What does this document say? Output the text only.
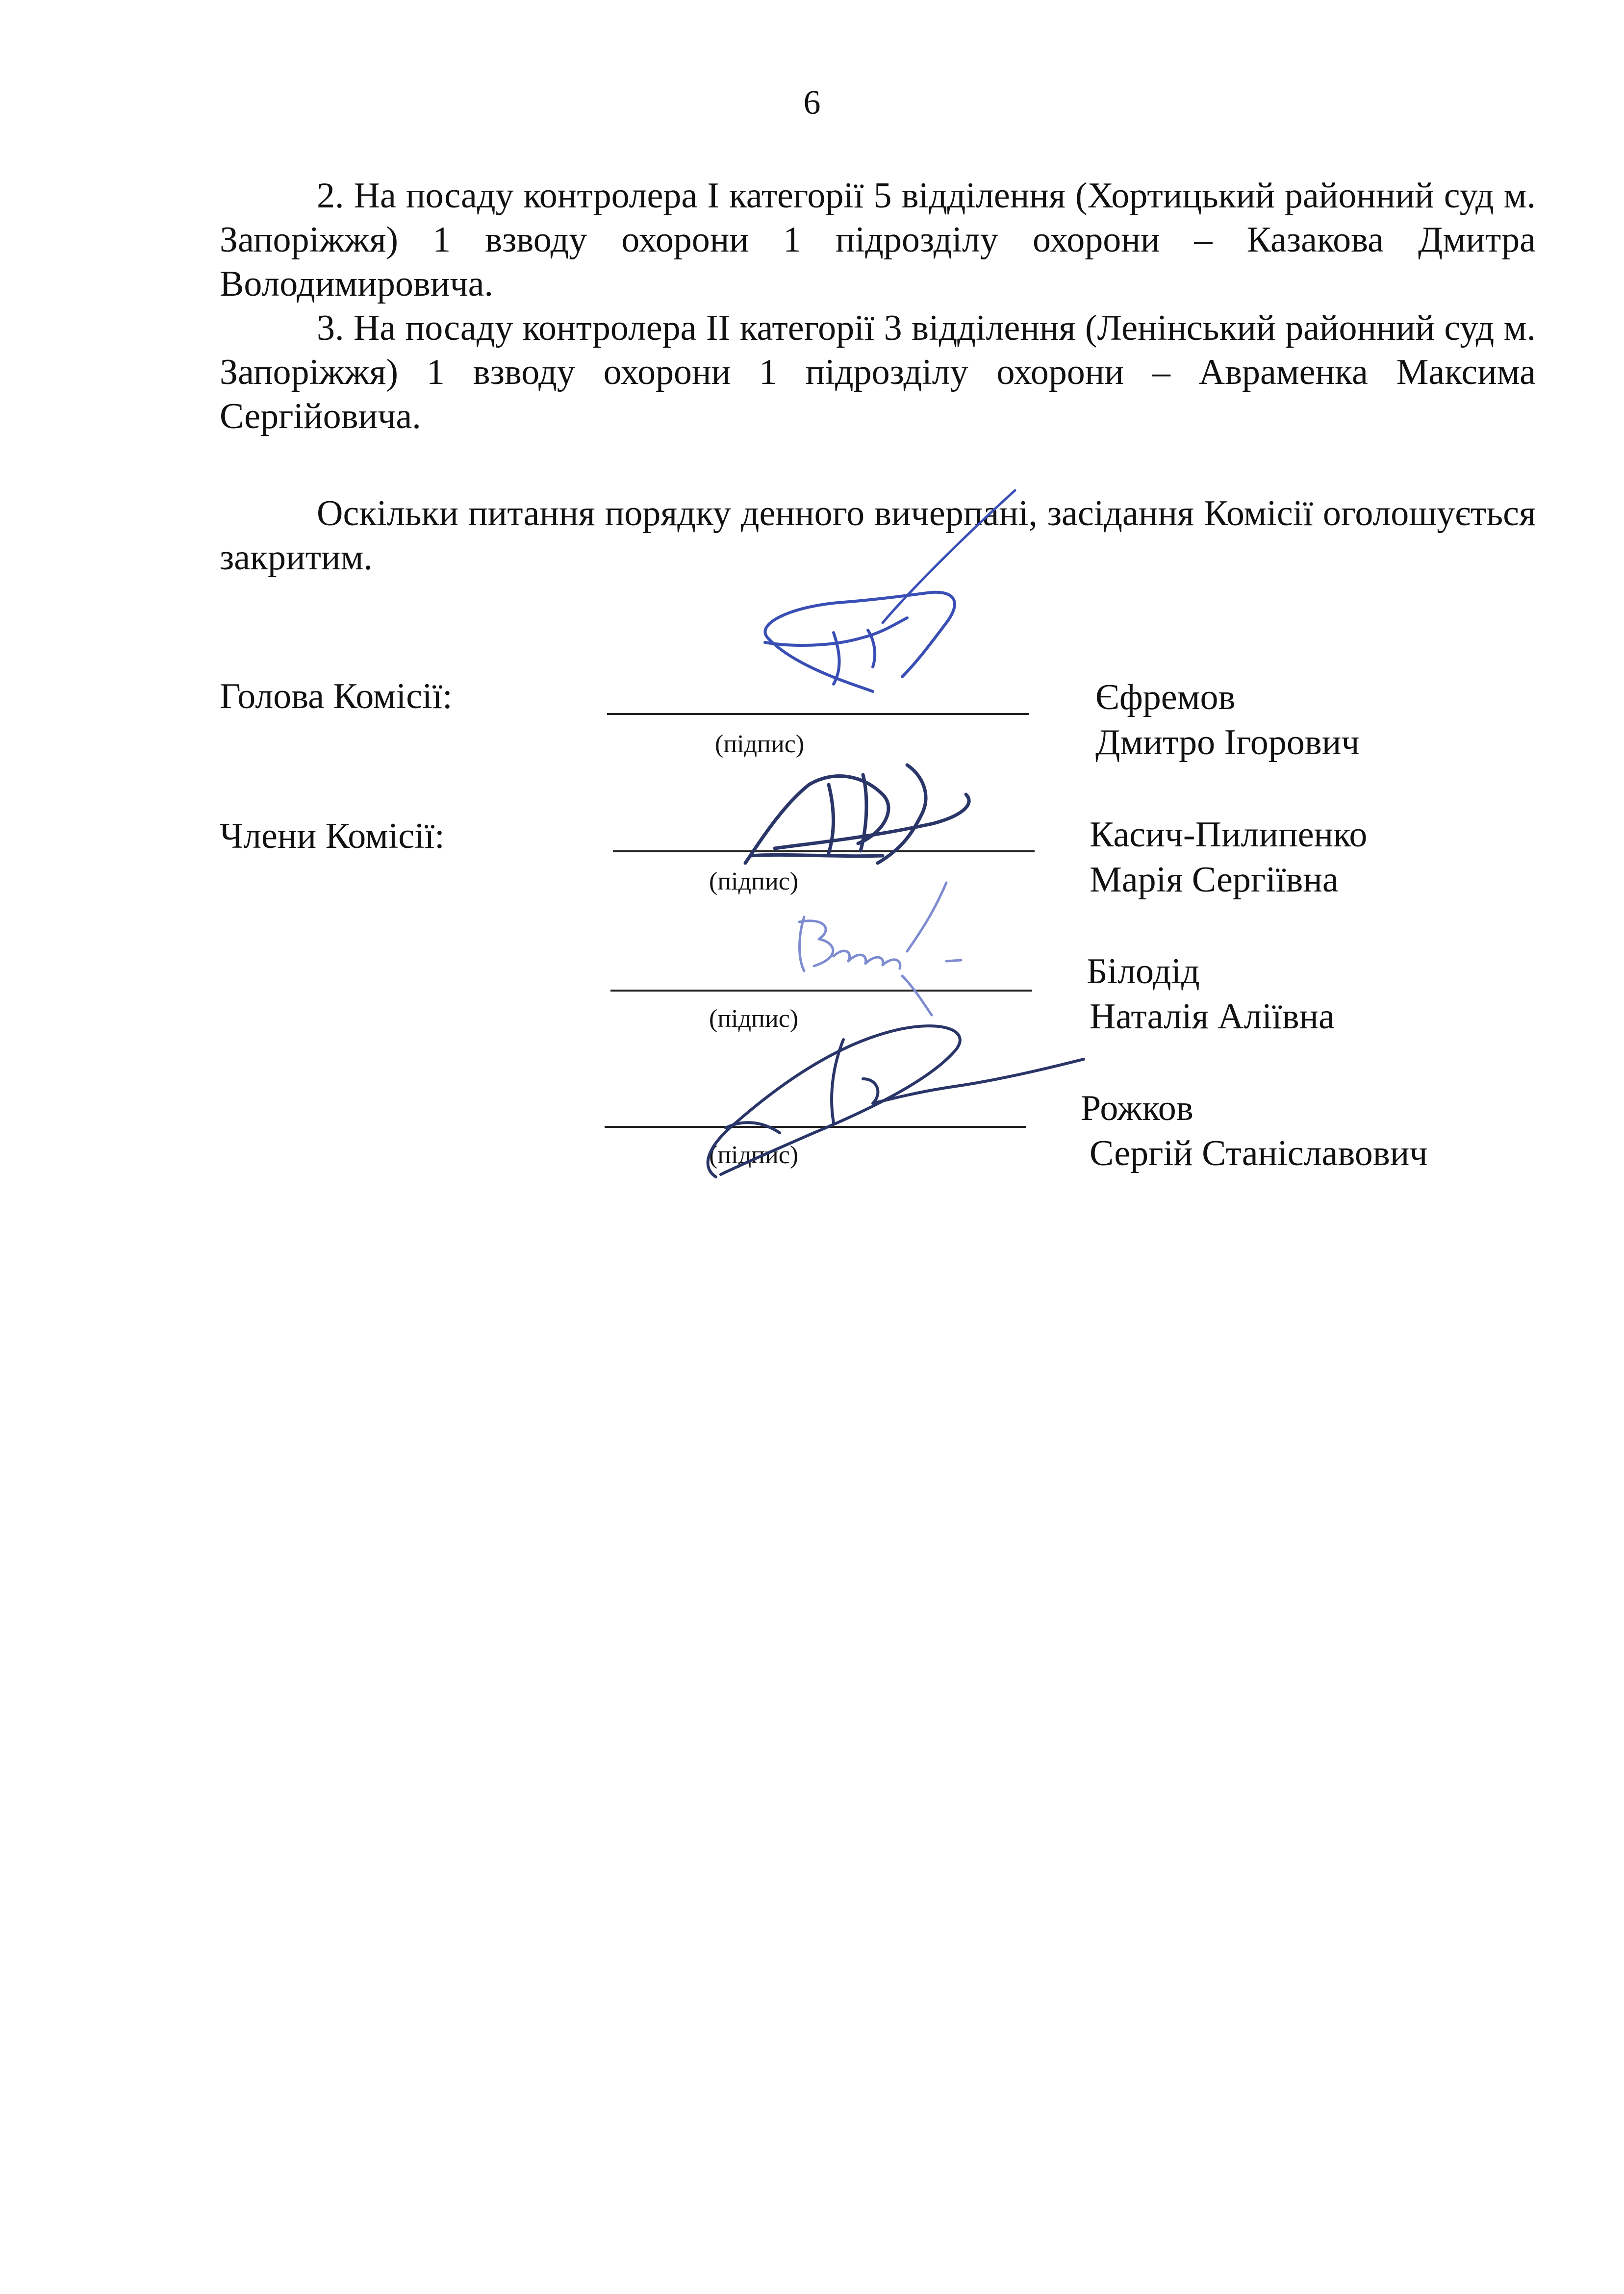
6

2. На посаду контролера І категорії 5 відділення (Хортицький районний суд м. Запоріжжя) 1 взводу охорони 1 підрозділу охорони – Казакова Дмитра Володимировича.

3. На посаду контролера ІІ категорії 3 відділення (Ленінський районний суд м. Запоріжжя) 1 взводу охорони 1 підрозділу охорони – Авраменка Максима Сергійовича.

Оскільки питання порядку денного вичерпані, засідання Комісії оголошується закритим.

Голова Комісії:
Члени Комісії:
(підпис)
Єфремов
Дмитро Ігорович
(підпис)
Касич-Пилипенко
Марія Сергіївна
(підпис)
Білодід
Наталія Аліївна
(підпис)
Рожков
Сергій Станіславович
